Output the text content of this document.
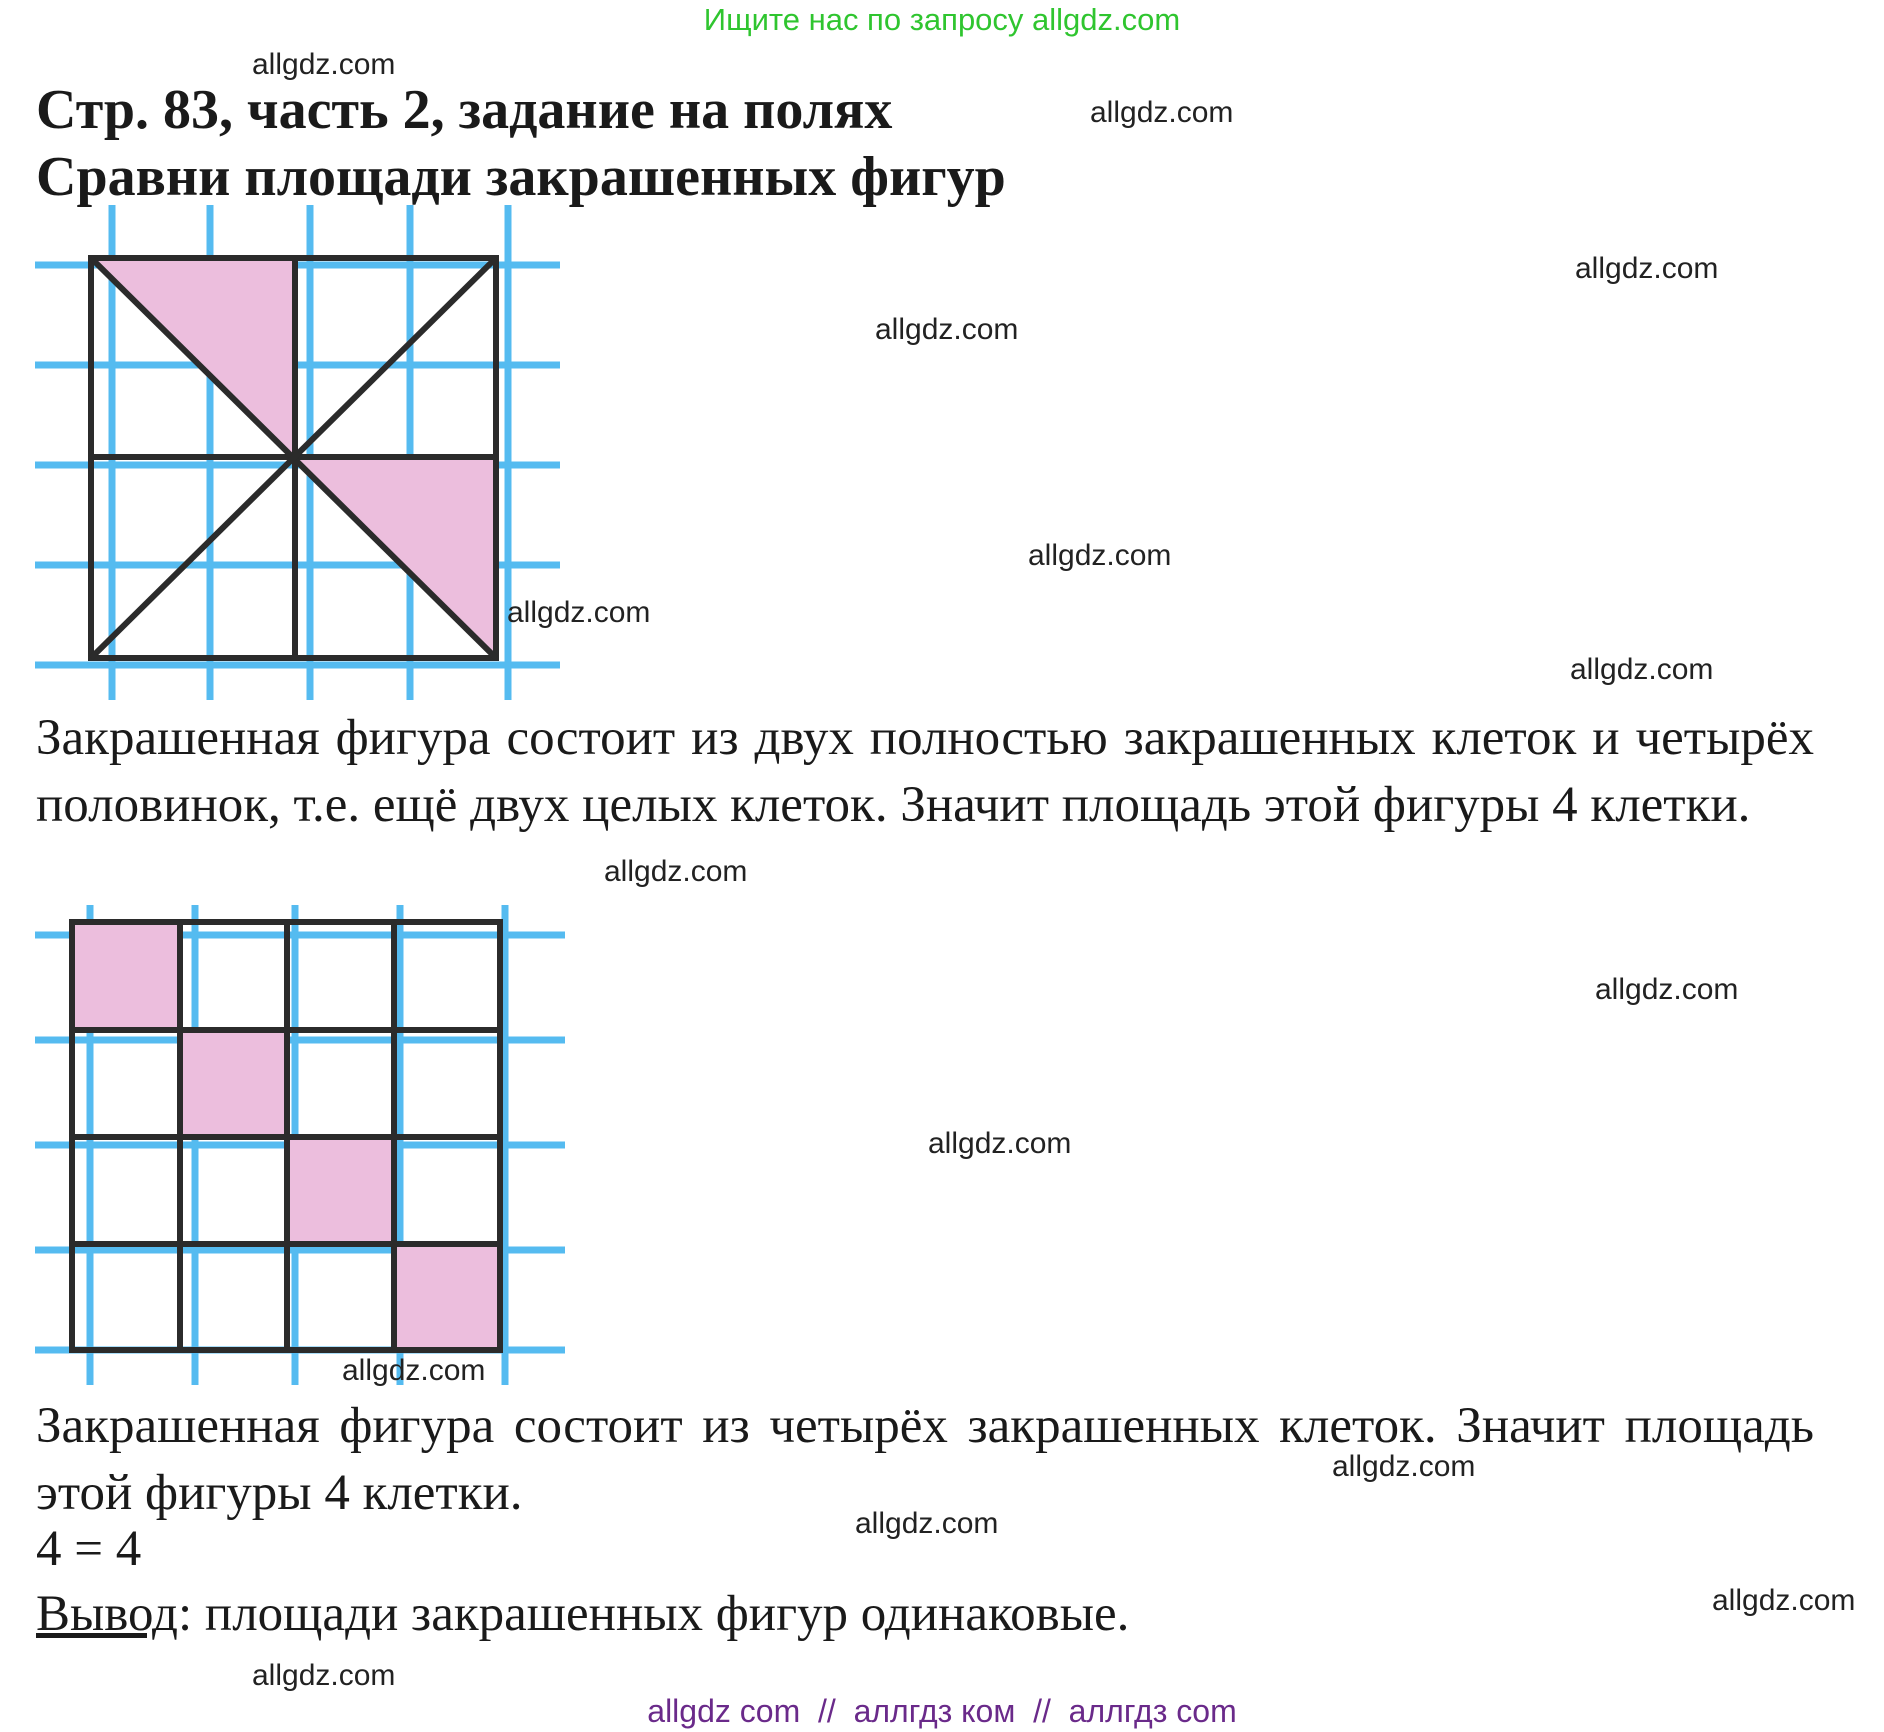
Ищите нас по запросу allgdz.com
Стр. 83, часть 2, задание на полях
Сравни площади закрашенных фигур
Закрашенная фигура состоит из двух полностью закрашенных клеток и четырёх половинок, т.е. ещё двух целых клеток. Значит площадь этой фигуры 4 клетки.
Закрашенная фигура состоит из четырёх закрашенных клеток. Значит площадь этой фигуры 4 клетки.
4 = 4
Вывод: площади закрашенных фигур одинаковые.
allgdz.com
allgdz.com
allgdz.com
allgdz.com
allgdz.com
allgdz.com
allgdz.com
allgdz.com
allgdz.com
allgdz.com
allgdz.com
allgdz.com
allgdz.com
allgdz.com
allgdz.com
allgdz com  //  аллгдз ком  //  аллгдз com
